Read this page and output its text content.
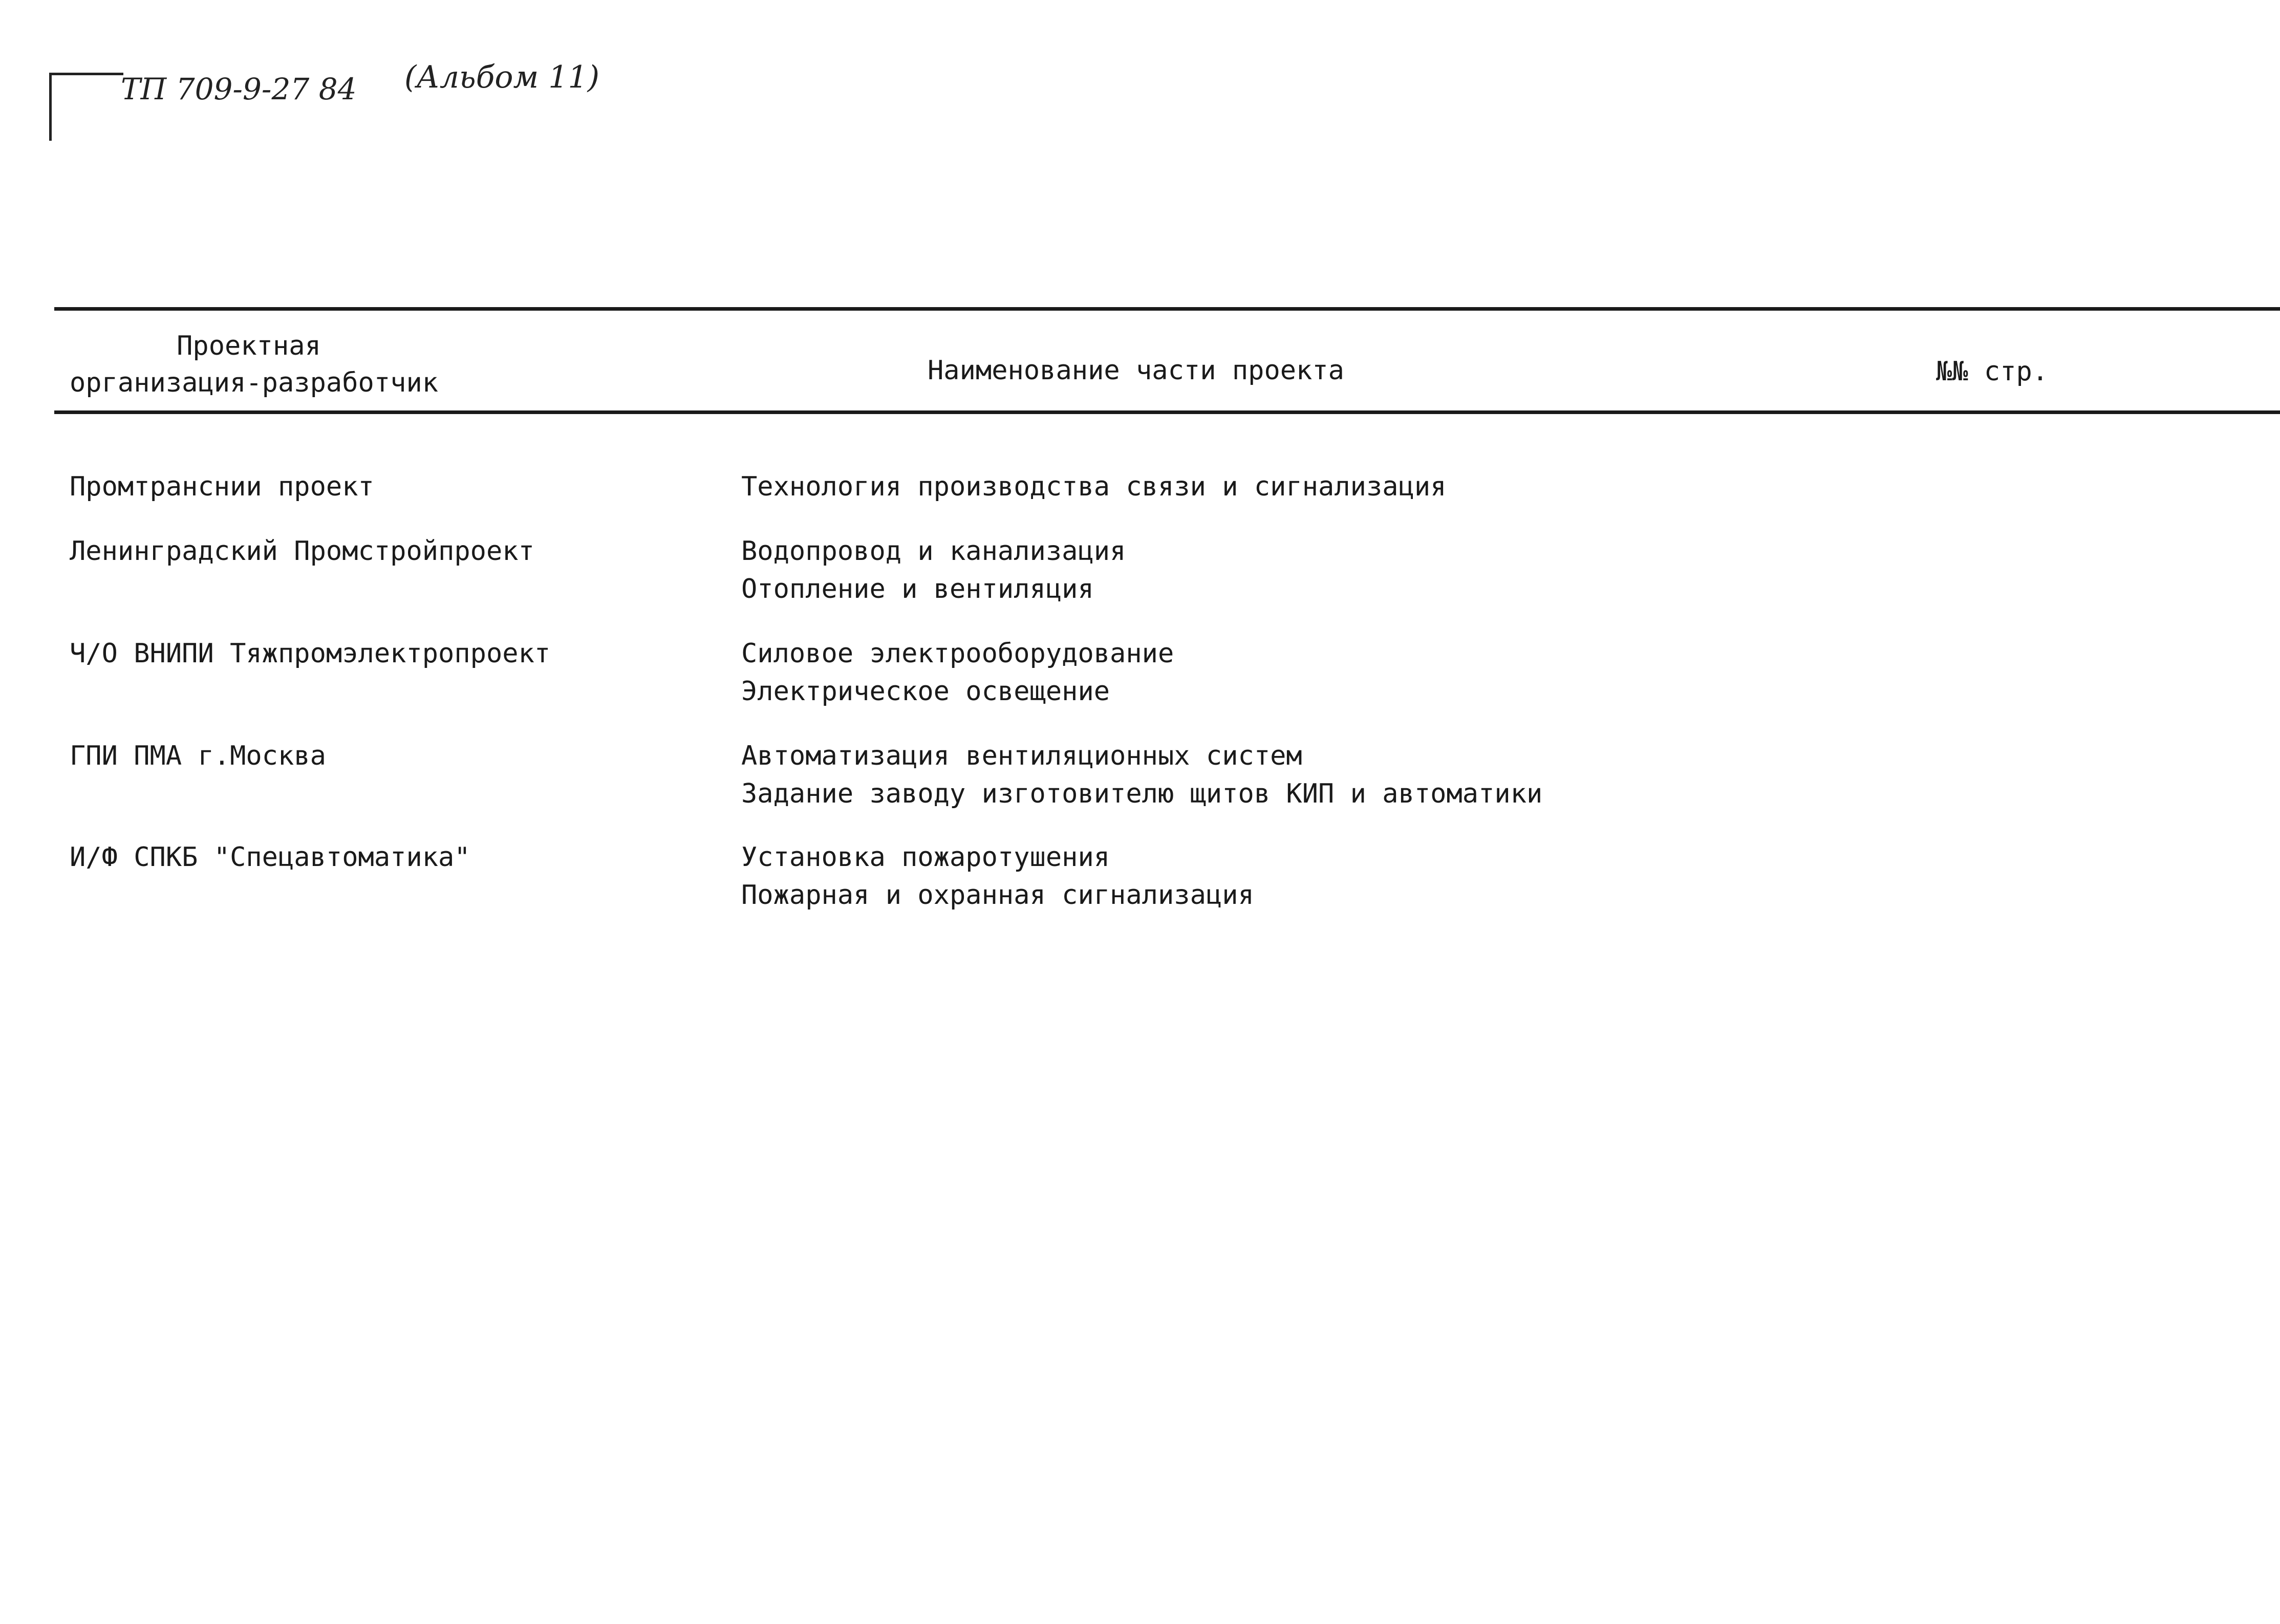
ТП 709-9-27 84 (Альбом 11)
Проектная
организация-разработчик	Наименование части проекта	№№ стр.
Промтранснии проект	Технология производства связи и сигнализация
Ленинградский Промстройпроект	Водопровод и канализация
Отопление и вентиляция
Ч/О ВНИПИ Тяжпромэлектропроект	Силовое электрооборудование
Электрическое освещение
ГПИ ПМА г.Москва	Автоматизация вентиляционных систем
Задание заводу изготовителю щитов КИП и автоматики
И/Ф СПКБ "Спецавтоматика"	Установка пожаротушения
Пожарная и охранная сигнализация
